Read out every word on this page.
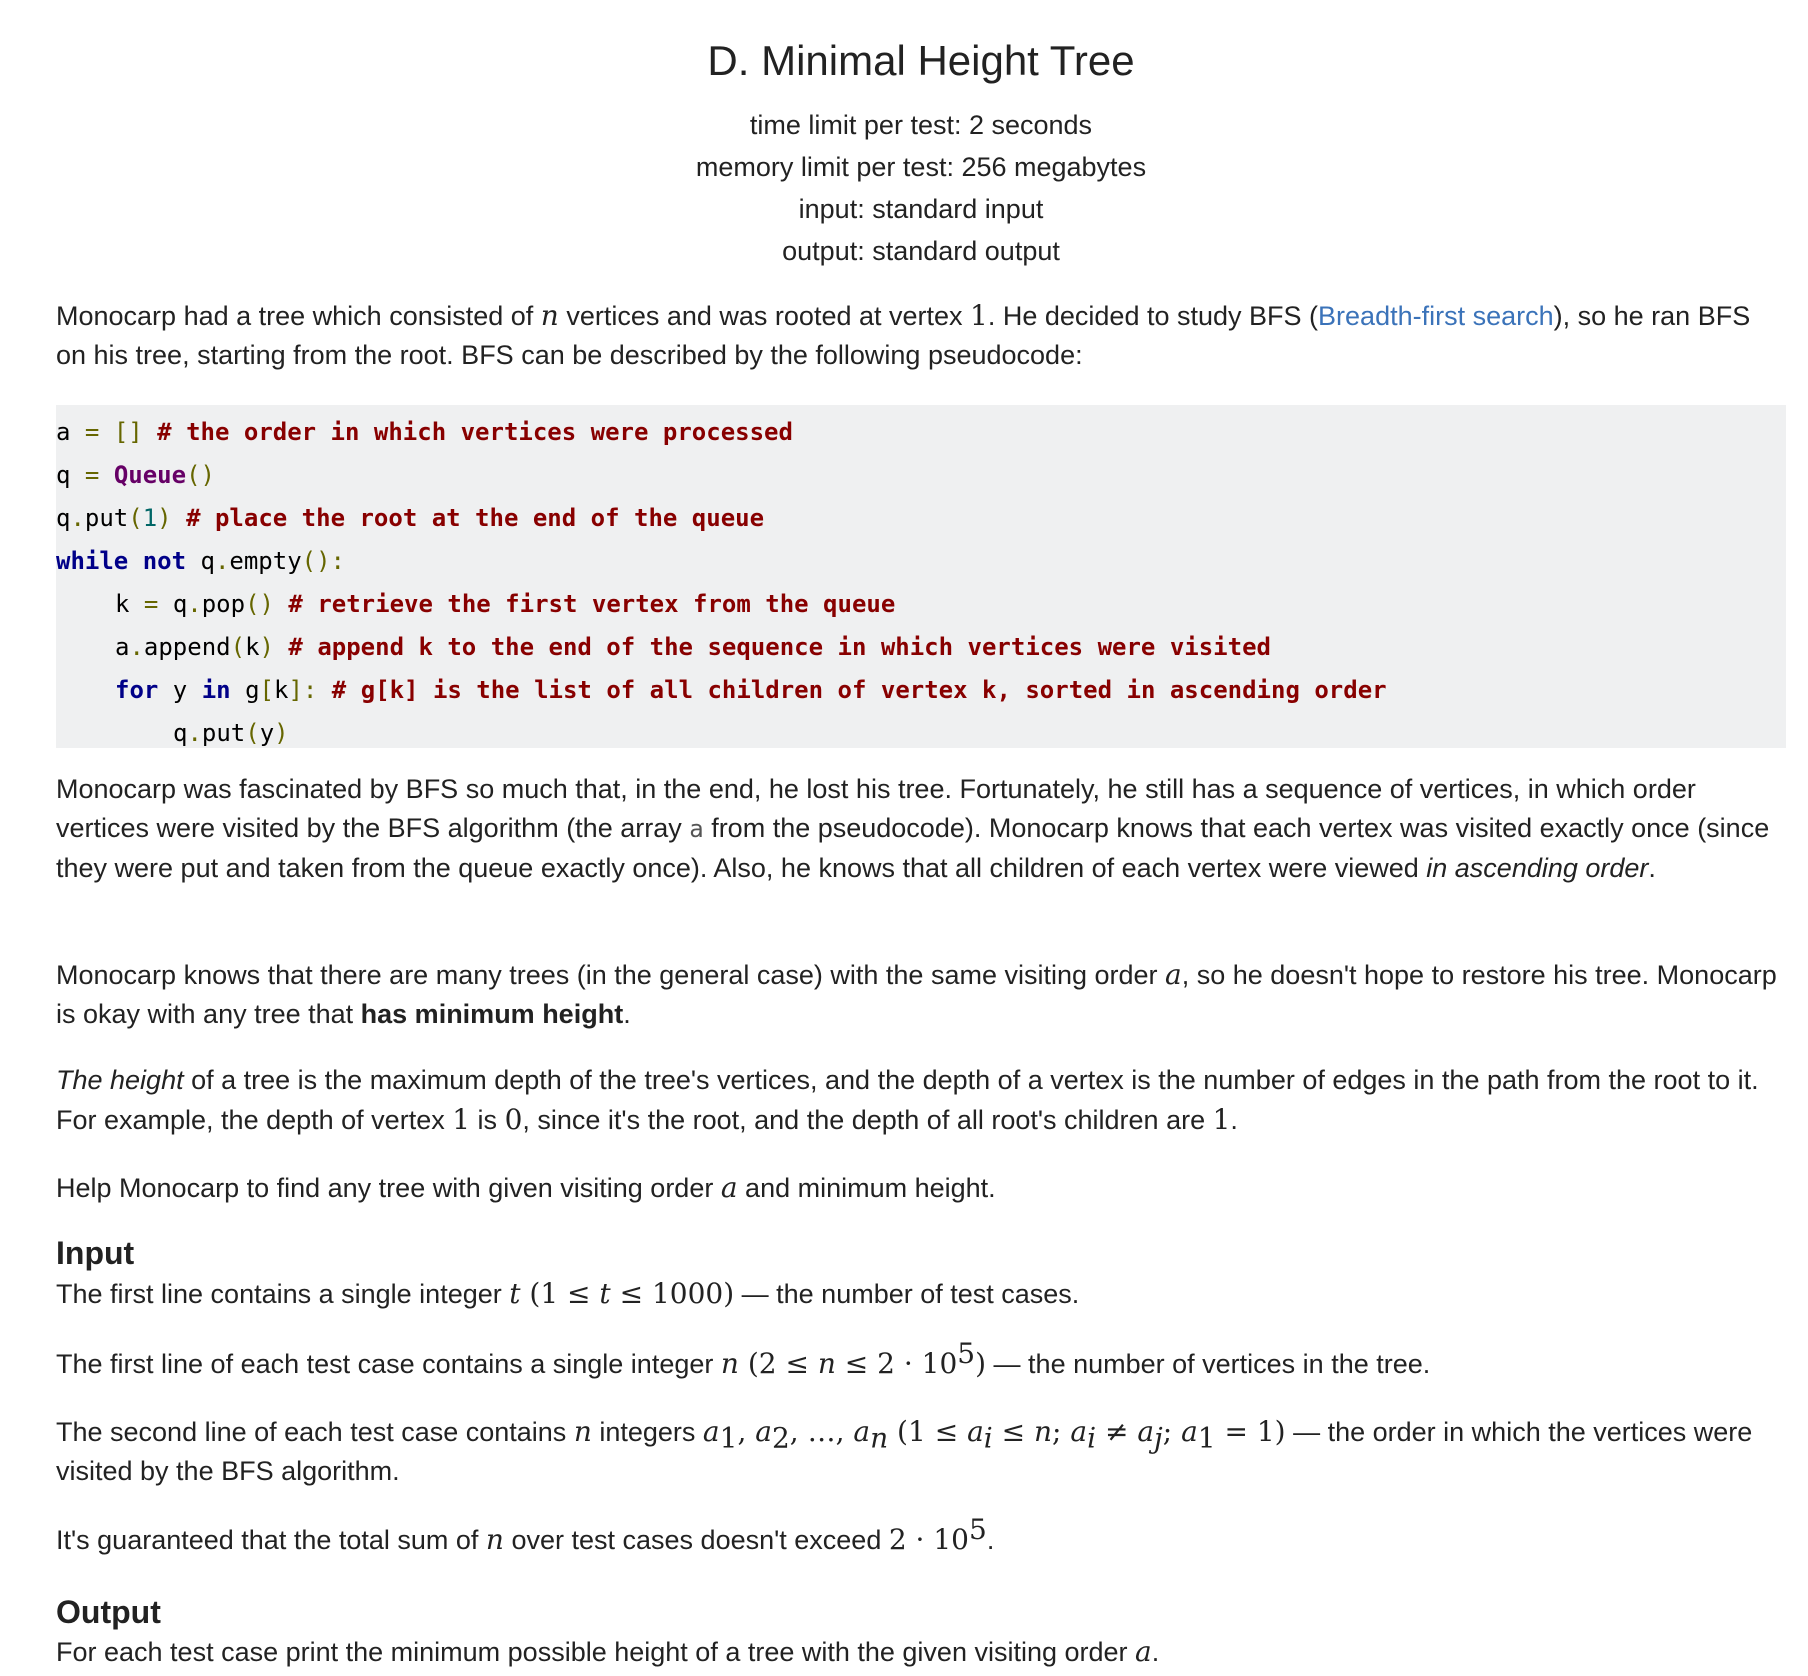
D. Minimal Height Tree
time limit per test: 2 seconds
memory limit per test: 256 megabytes
input: standard input
output: standard output

Monocarp had a tree which consisted of n vertices and was rooted at vertex 1. He decided to study BFS (Breadth-first search), so he ran BFS on his tree, starting from the root. BFS can be described by the following pseudocode:

a = [] # the order in which vertices were processed
q = Queue()
q.put(1) # place the root at the end of the queue
while not q.empty():
k = q.pop() # retrieve the first vertex from the queue
a.append(k) # append k to the end of the sequence in which vertices were visited
for y in g[k]: # g[k] is the list of all children of vertex k, sorted in ascending order
q.put(y)

Monocarp was fascinated by BFS so much that, in the end, he lost his tree. Fortunately, he still has a sequence of vertices, in which order vertices were visited by the BFS algorithm (the array a from the pseudocode). Monocarp knows that each vertex was visited exactly once (since they were put and taken from the queue exactly once). Also, he knows that all children of each vertex were viewed in ascending order.

Monocarp knows that there are many trees (in the general case) with the same visiting order a, so he doesn't hope to restore his tree. Monocarp is okay with any tree that has minimum height.

The height of a tree is the maximum depth of the tree's vertices, and the depth of a vertex is the number of edges in the path from the root to it. For example, the depth of vertex 1 is 0, since it's the root, and the depth of all root's children are 1.

Help Monocarp to find any tree with given visiting order a and minimum height.

Input

The first line contains a single integer t (1 ≤ t ≤ 1000) — the number of test cases.

The first line of each test case contains a single integer n $(2 \le n \le 2 \cdot 10^5)$ — the number of vertices in the tree.

The second line of each test case contains n integers $a_1$, $a_2$, …, $a_n$ ($1 \le a_i \le n$; $a_i \ne a_j$; $a_1 = 1$) — the order in which the vertices were visited by the BFS algorithm.

It's guaranteed that the total sum of n over test cases doesn't exceed $2 \cdot 10^5$.

Output

For each test case print the minimum possible height of a tree with the given visiting order a.
